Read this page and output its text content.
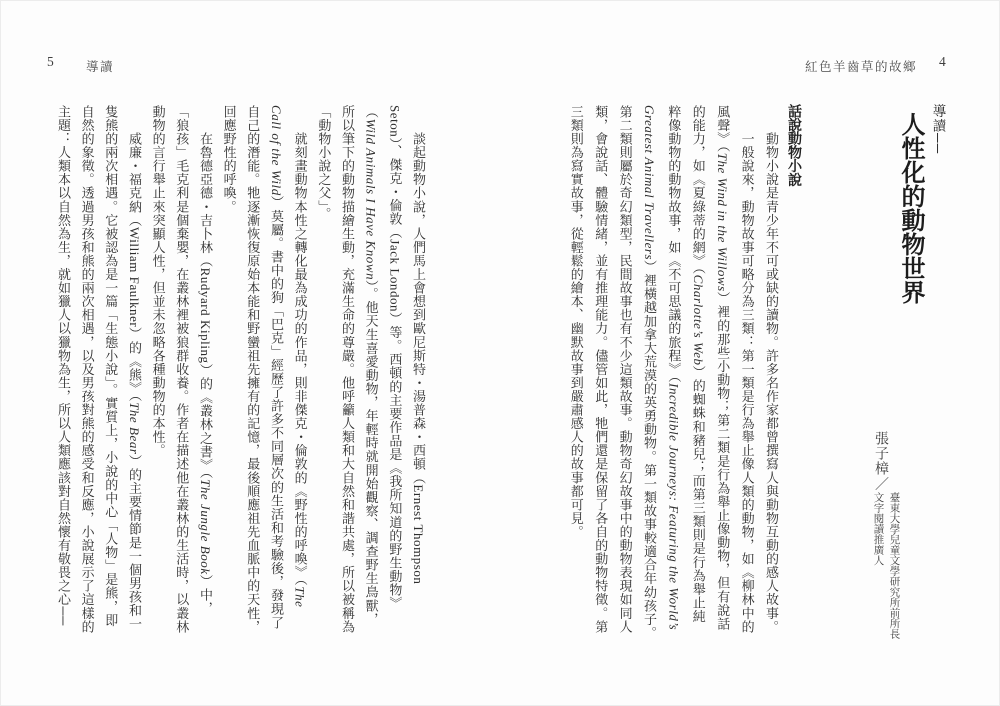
5	導讀
　　談起動物小說，人們馬上會想到歐尼斯特・湯普森・西頓（Ernest Thompson
Seton）、傑克・倫敦（Jack London）等。西頓的主要作品是《我所知道的野生動物》
（Wild Animals I Have Known）。他天生喜愛動物，年輕時就開始觀察、調查野生鳥獸，
所以筆下的動物描繪生動，充滿生命的尊嚴。他呼籲人類和大自然和諧共處，所以被稱為
「動物小說之父」。
　　就刻畫動物本性之轉化最為成功的作品，則非傑克・倫敦的《野性的呼喚》（The
Call of the Wild）莫屬。書中的狗「巴克」經歷了許多不同層次的生活和考驗後，發現了
自己的潛能。牠逐漸恢復原始本能和野蠻祖先擁有的記憶，最後順應祖先血脈中的天性，
回應野性的呼喚。
　　在魯德亞德・吉卜林（Rudyard Kipling）的《叢林之書》（The Jungle Book）中，
「狼孩」毛克利是個棄嬰，在叢林裡被狼群收養。作者在描述他在叢林的生活時，以叢林
動物的言行舉止來突顯人性，但並未忽略各種動物的本性。
　　威廉・福克納（William Faulkner）的《熊》（The Bear）的主要情節是一個男孩和一
隻熊的兩次相遇。它被認為是一篇「生態小說」。實質上，小說的中心「人物」是熊，即
自然的象徵。透過男孩和熊的兩次相遇，以及男孩對熊的感受和反應，小說展示了這樣的
主題：人類本以自然為生，就如獵人以獵物為生，所以人類應該對自然懷有敬畏之心──
紅色羊齒草的故鄉 4
導讀──
人性化的動物世界
張子樟／
臺東大學兒童文學研究所前所長
文字閱讀推廣人
話說動物小說
　　動物小說是青少年不可或缺的讀物。許多名作家都曾撰寫人與動物互動的感人故事。
　　一般說來，動物故事可略分為三類：第一類是行為舉止像人類的動物，如《柳林中的
風聲》（The Wind in the Willows）裡的那些小動物；第二類是行為舉止像動物，但有說話
的能力，如《夏綠蒂的網》（Charlotte’s Web）的蜘蛛和豬兒；而第三類則是行為舉止純
粹像動物的動物故事，如《不可思議的旅程》（Incredible Journeys: Featuring the World’s
Greatest Animal Travellers）裡橫越加拿大荒漠的英勇動物。第一類故事較適合年幼孩子。
第二類則屬於奇幻類型，民間故事也有不少這類故事。動物奇幻故事中的動物表現如同人
類，會說話、體驗情緒，並有推理能力。儘管如此，牠們還是保留了各自的動物特徵。第
三類則為寫實故事，從輕鬆的繪本、幽默故事到嚴肅感人的故事都可見。
